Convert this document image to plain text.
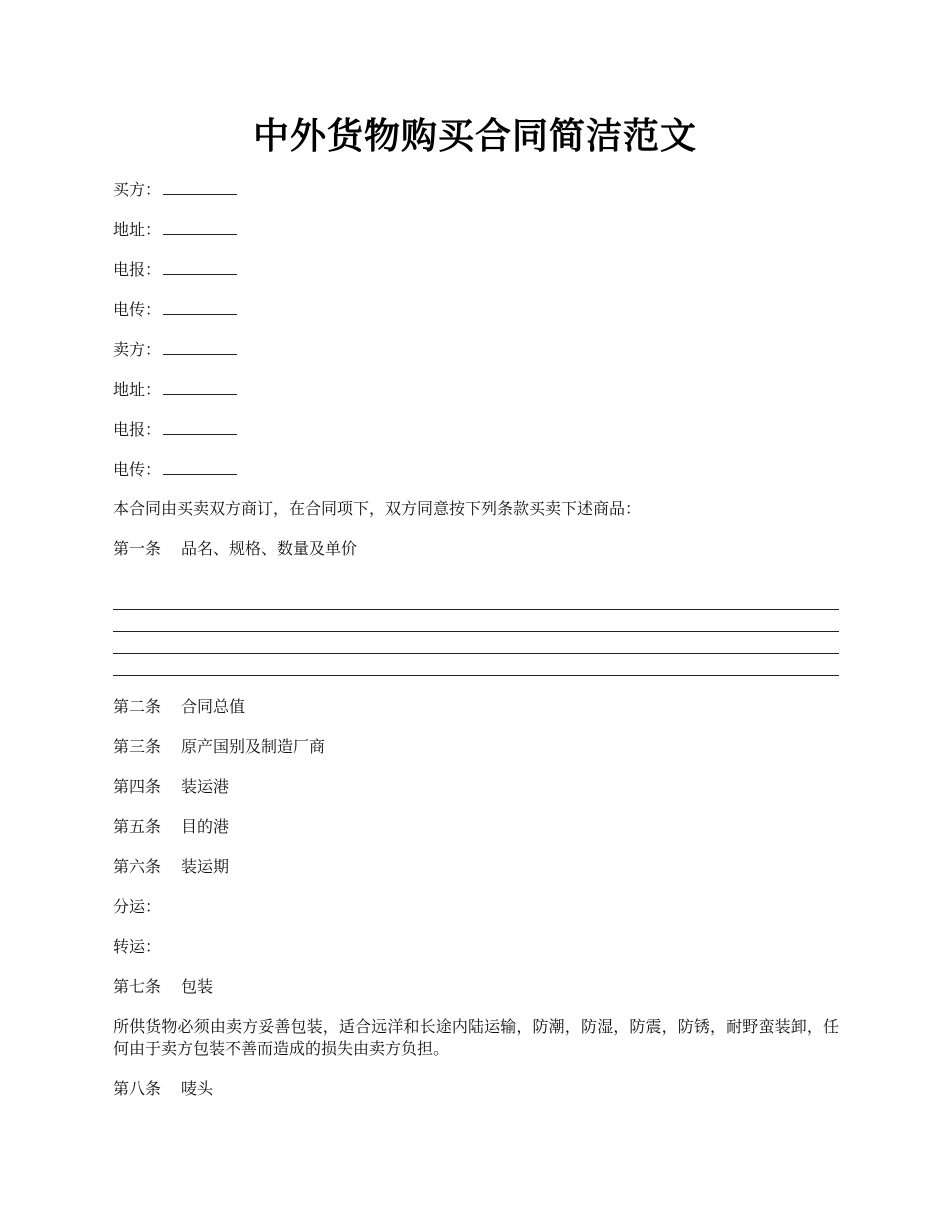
中外货物购买合同简洁范文
买方：
地址：
电报：
电传：
卖方：
地址：
电报：
电传：
本合同由买卖双方商订，在合同项下，双方同意按下列条款买卖下述商品：
第一条 品名、规格、数量及单价
第二条 合同总值
第三条 原产国别及制造厂商
第四条 装运港
第五条 目的港
第六条 装运期
分运：
转运：
第七条 包装
所供货物必须由卖方妥善包装，适合远洋和长途内陆运输，防潮，防湿，防震，防锈，耐野蛮装卸，任何由于卖方包装不善而造成的损失由卖方负担。
第八条 唛头
